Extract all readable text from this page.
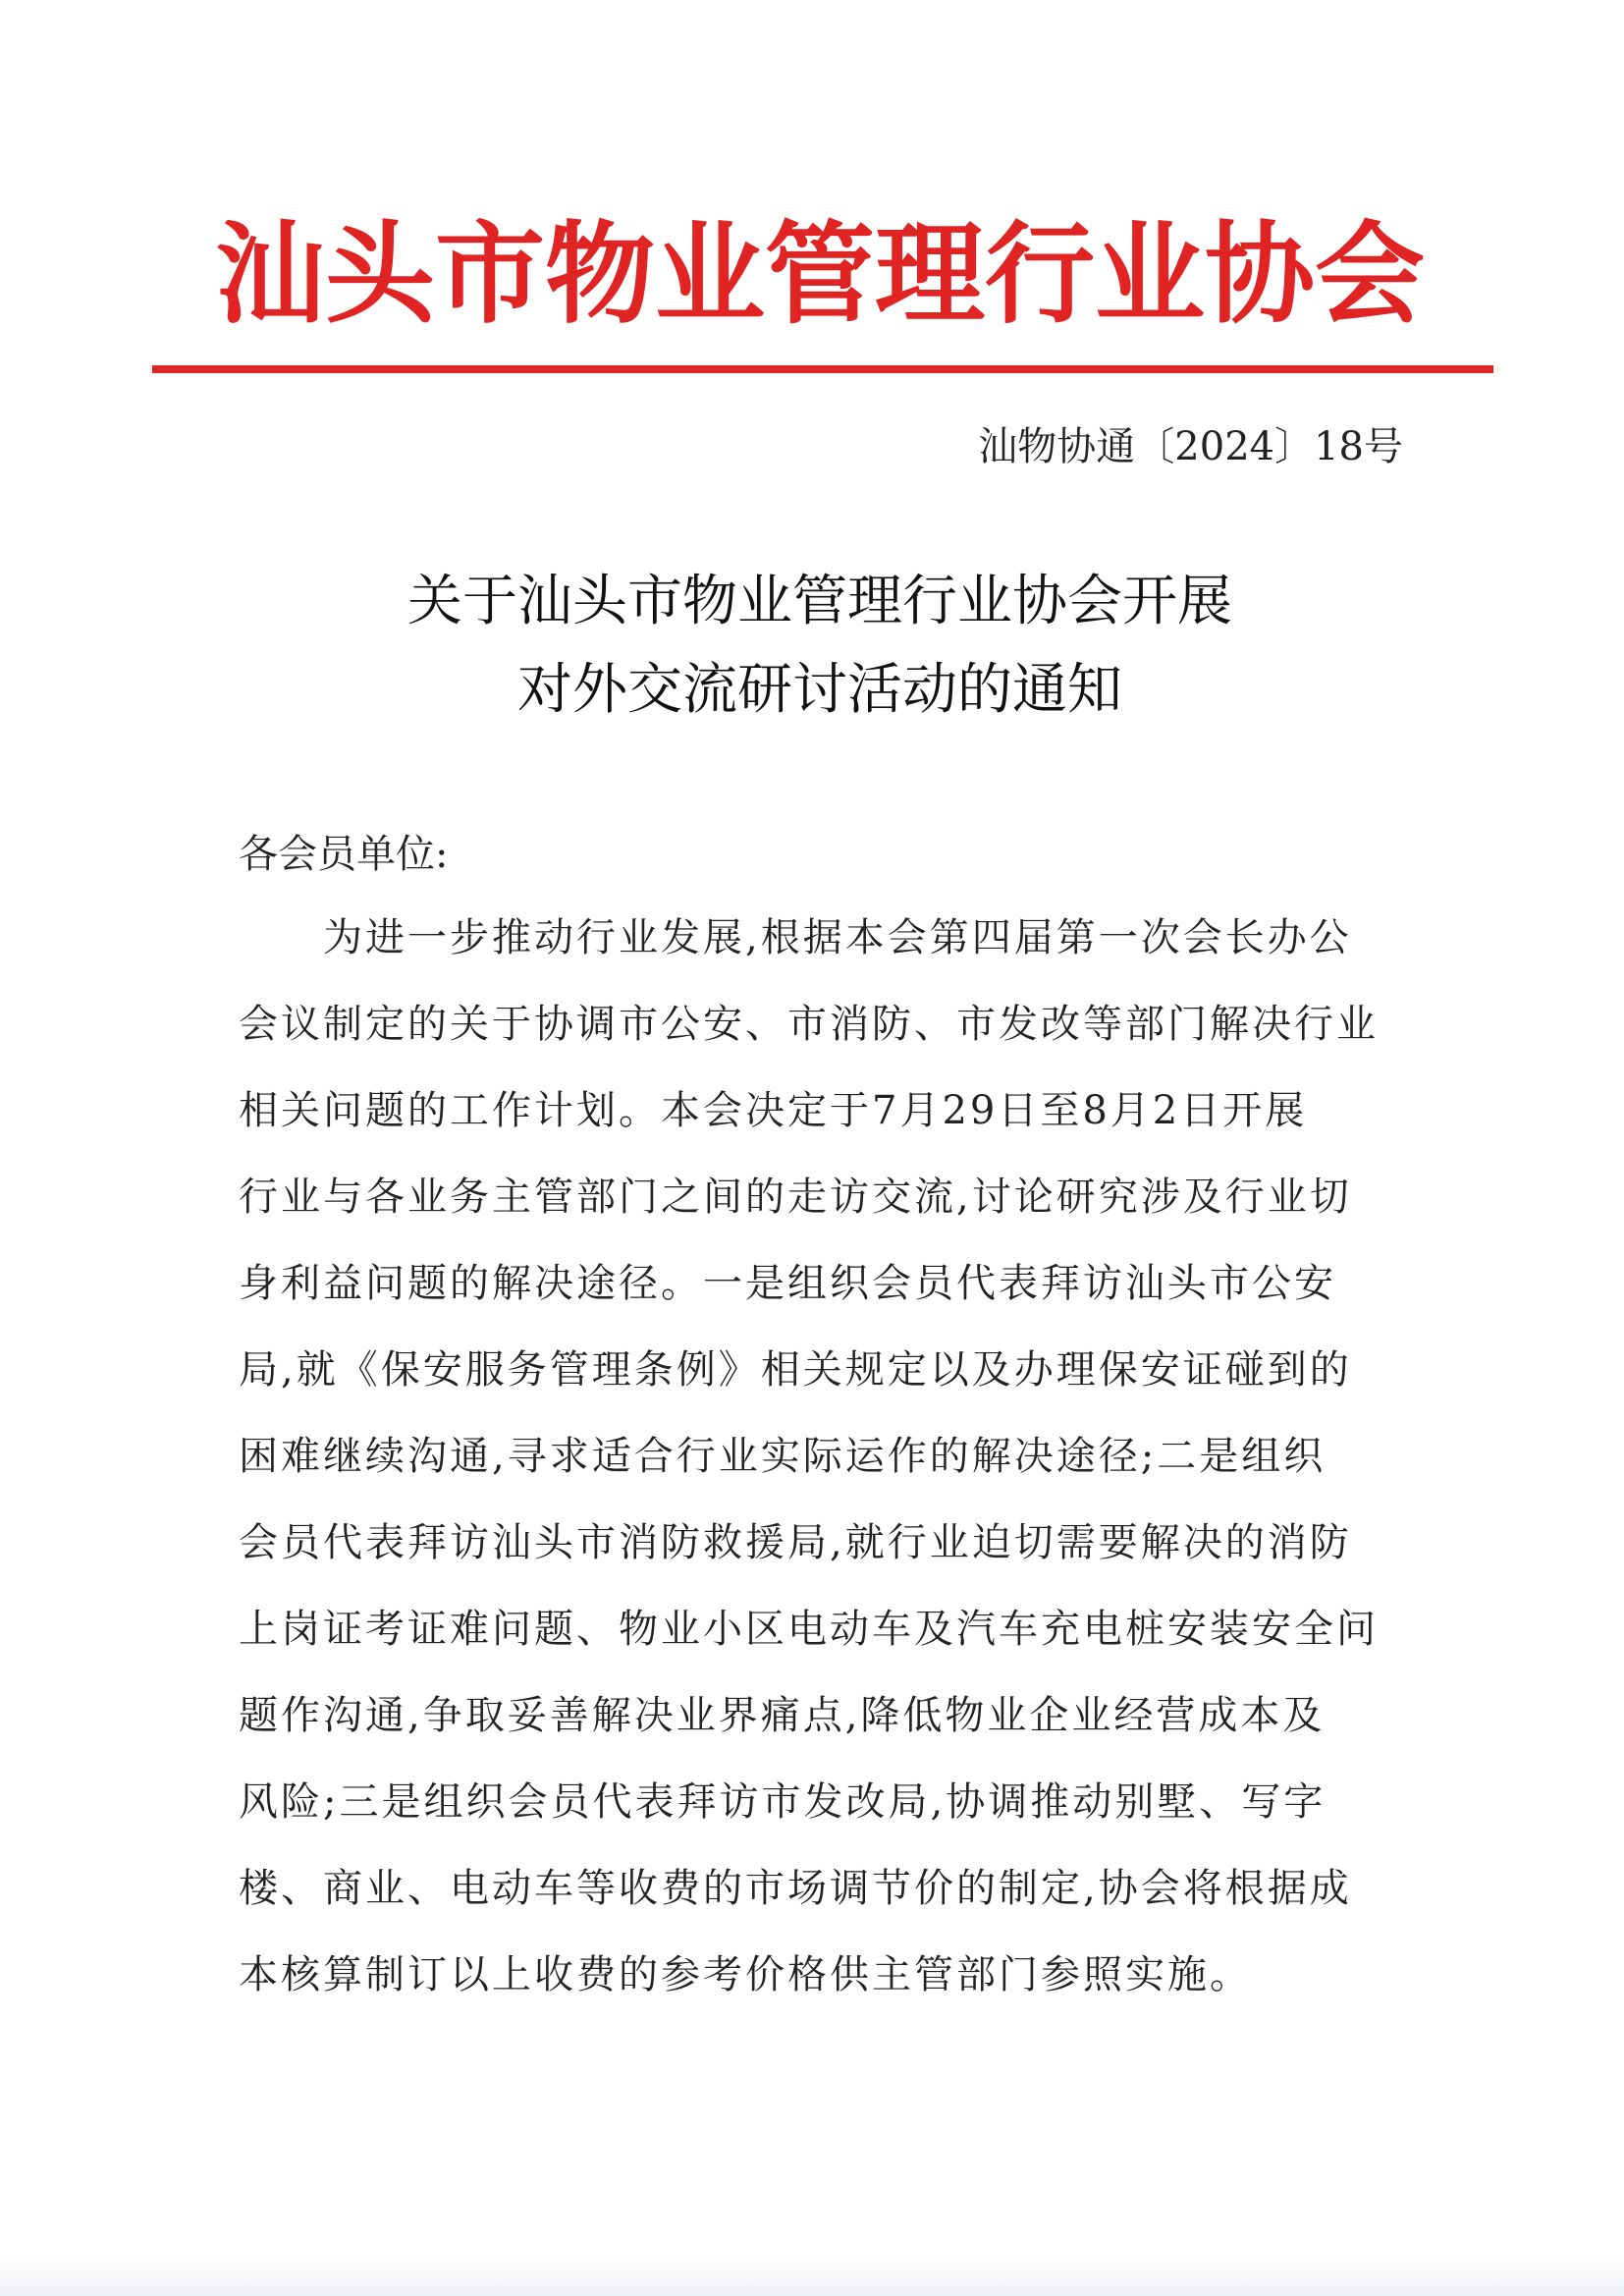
汕头市物业管理行业协会
汕物协通〔2024〕18号
关于汕头市物业管理行业协会开展
对外交流研讨活动的通知
各会员单位:
　　为进一步推动行业发展,根据本会第四届第一次会长办公
会议制定的关于协调市公安、市消防、市发改等部门解决行业
相关问题的工作计划。本会决定于7月29日至8月2日开展
行业与各业务主管部门之间的走访交流,讨论研究涉及行业切
身利益问题的解决途径。一是组织会员代表拜访汕头市公安
局,就《保安服务管理条例》相关规定以及办理保安证碰到的
困难继续沟通,寻求适合行业实际运作的解决途径;二是组织
会员代表拜访汕头市消防救援局,就行业迫切需要解决的消防
上岗证考证难问题、物业小区电动车及汽车充电桩安装安全问
题作沟通,争取妥善解决业界痛点,降低物业企业经营成本及
风险;三是组织会员代表拜访市发改局,协调推动别墅、写字
楼、商业、电动车等收费的市场调节价的制定,协会将根据成
本核算制订以上收费的参考价格供主管部门参照实施。
